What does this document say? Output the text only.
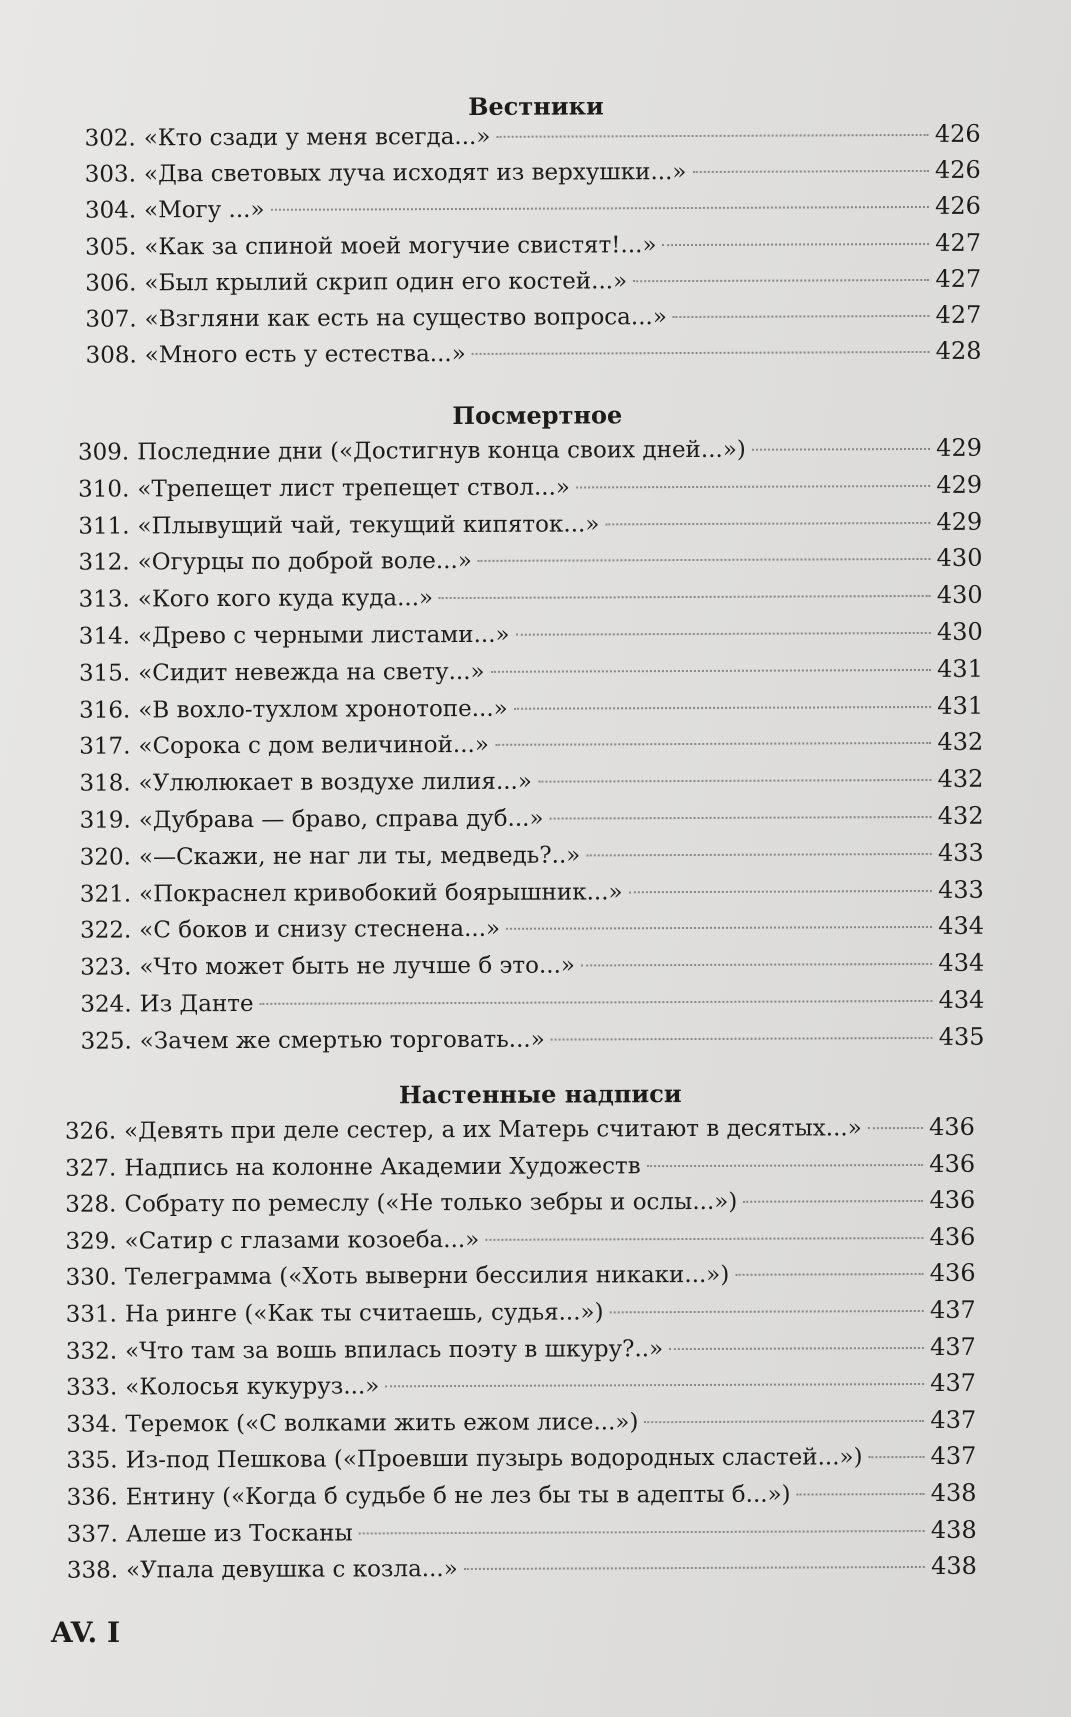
Вестники
302. «Кто сзади у меня всегда...»	426
303. «Два световых луча исходят из верхушки...»	426
304. «Могу ...»	426
305. «Как за спиной моей могучие свистят!...»	427
306. «Был крылий скрип один его костей...»	427
307. «Взгляни как есть на существо вопроса...»	427
308. «Много есть у естества...»	428
Посмертное
309. Последние дни («Достигнув конца своих дней...»)	429
310. «Трепещет лист трепещет ствол...»	429
311. «Плывущий чай, текущий кипяток...»	429
312. «Огурцы по доброй воле...»	430
313. «Кого кого куда куда...»	430
314. «Древо с черными листами...»	430
315. «Сидит невежда на свету...»	431
316. «В вохло-тухлом хронотопе...»	431
317. «Сорока с дом величиной...»	432
318. «Улюлюкает в воздухе лилия...»	432
319. «Дубрава — браво, справа дуб...»	432
320. «—Скажи, не наг ли ты, медведь?..»	433
321. «Покраснел кривобокий боярышник...»	433
322. «С боков и снизу стеснена...»	434
323. «Что может быть не лучше б это...»	434
324. Из Данте	434
325. «Зачем же смертью торговать...»	435
Настенные надписи
326. «Девять при деле сестер, а их Матерь считают в десятых...»	436
327. Надпись на колонне Академии Художеств	436
328. Собрату по ремеслу («Не только зебры и ослы...»)	436
329. «Сатир с глазами козоеба...»	436
330. Телеграмма («Хоть выверни бессилия никаки...»)	436
331. На ринге («Как ты считаешь, судья...»)	437
332. «Что там за вошь впилась поэту в шкуру?..»	437
333. «Колосья кукуруз...»	437
334. Теремок («С волками жить ежом лисе...»)	437
335. Из-под Пешкова («Проевши пузырь водородных сластей...»)	437
336. Ентину («Когда б судьбе б не лез бы ты в адепты б...»)	438
337. Алеше из Тосканы	438
338. «Упала девушка с козла...»	438
AV. I
